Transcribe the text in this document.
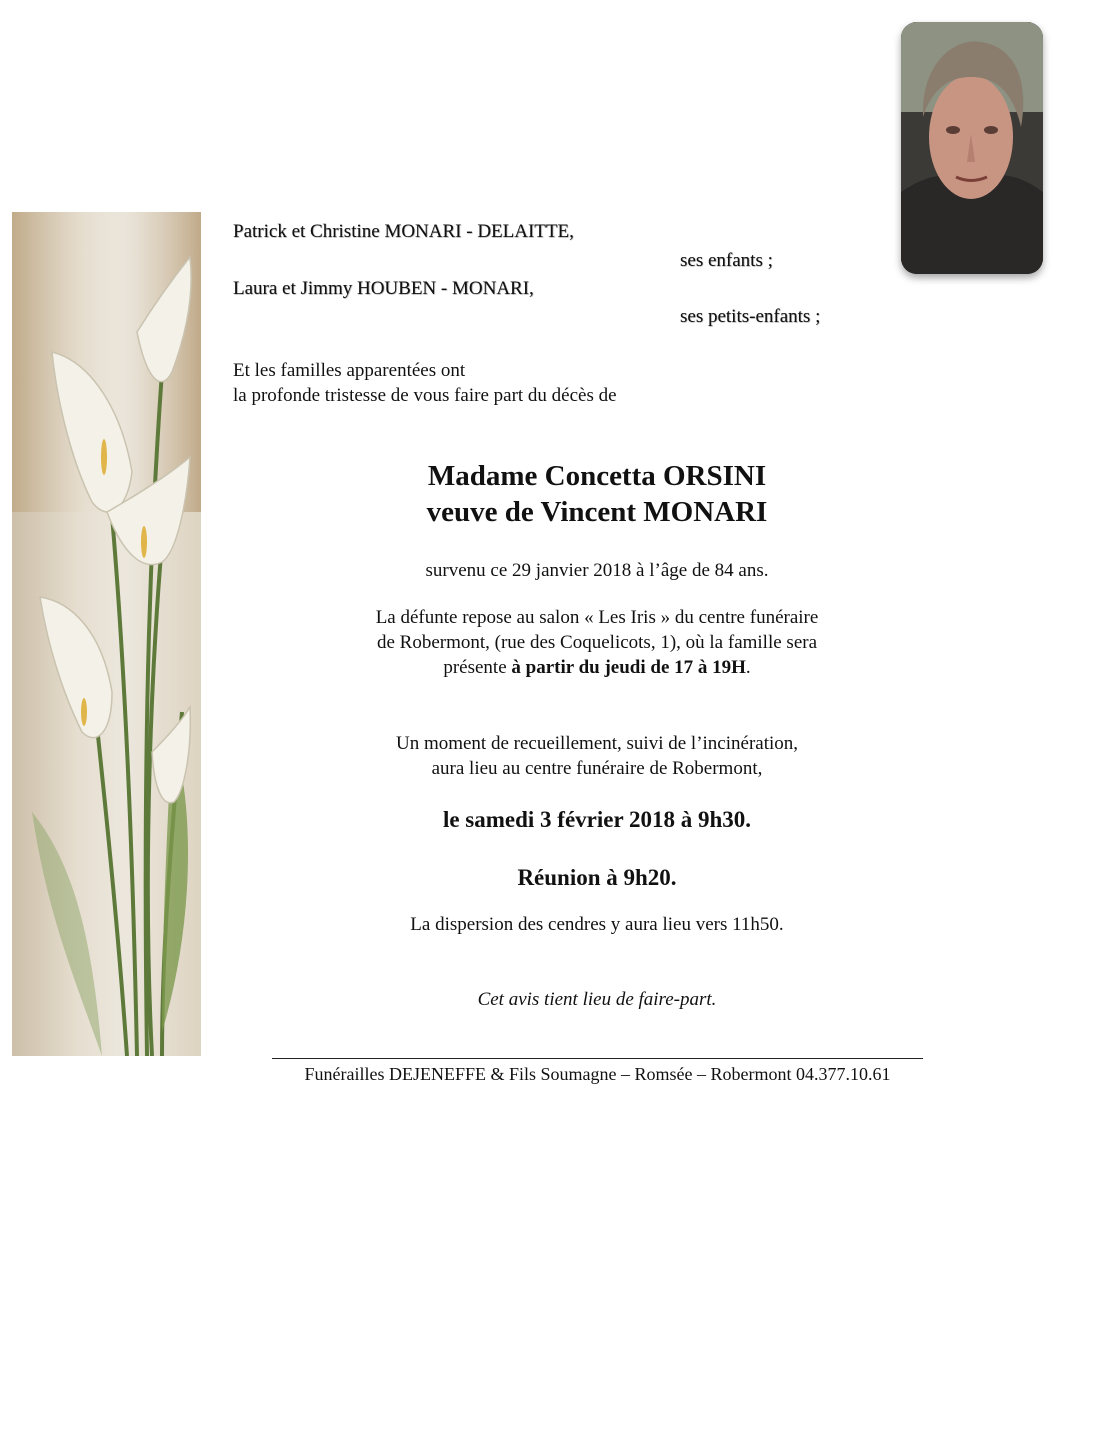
Patrick et Christine MONARI - DELAITTE,
ses enfants ;
Laura et Jimmy HOUBEN - MONARI,
ses petits-enfants ;
Et les familles apparentées ont
la profonde tristesse de vous faire part du décès de
Madame Concetta ORSINI
veuve de Vincent MONARI
survenu ce 29 janvier 2018 à l’âge de 84 ans.
La défunte repose au salon « Les Iris » du centre funéraire
de Robermont, (rue des Coquelicots, 1), où la famille sera
présente à partir du jeudi de 17 à 19H.
Un moment de recueillement, suivi de l’incinération,
aura lieu au centre funéraire de Robermont,
le samedi 3 février 2018 à 9h30.
Réunion à 9h20.
La dispersion des cendres y aura lieu vers 11h50.
Cet avis tient lieu de faire-part.
Funérailles DEJENEFFE & Fils Soumagne – Romsée – Robermont 04.377.10.61
